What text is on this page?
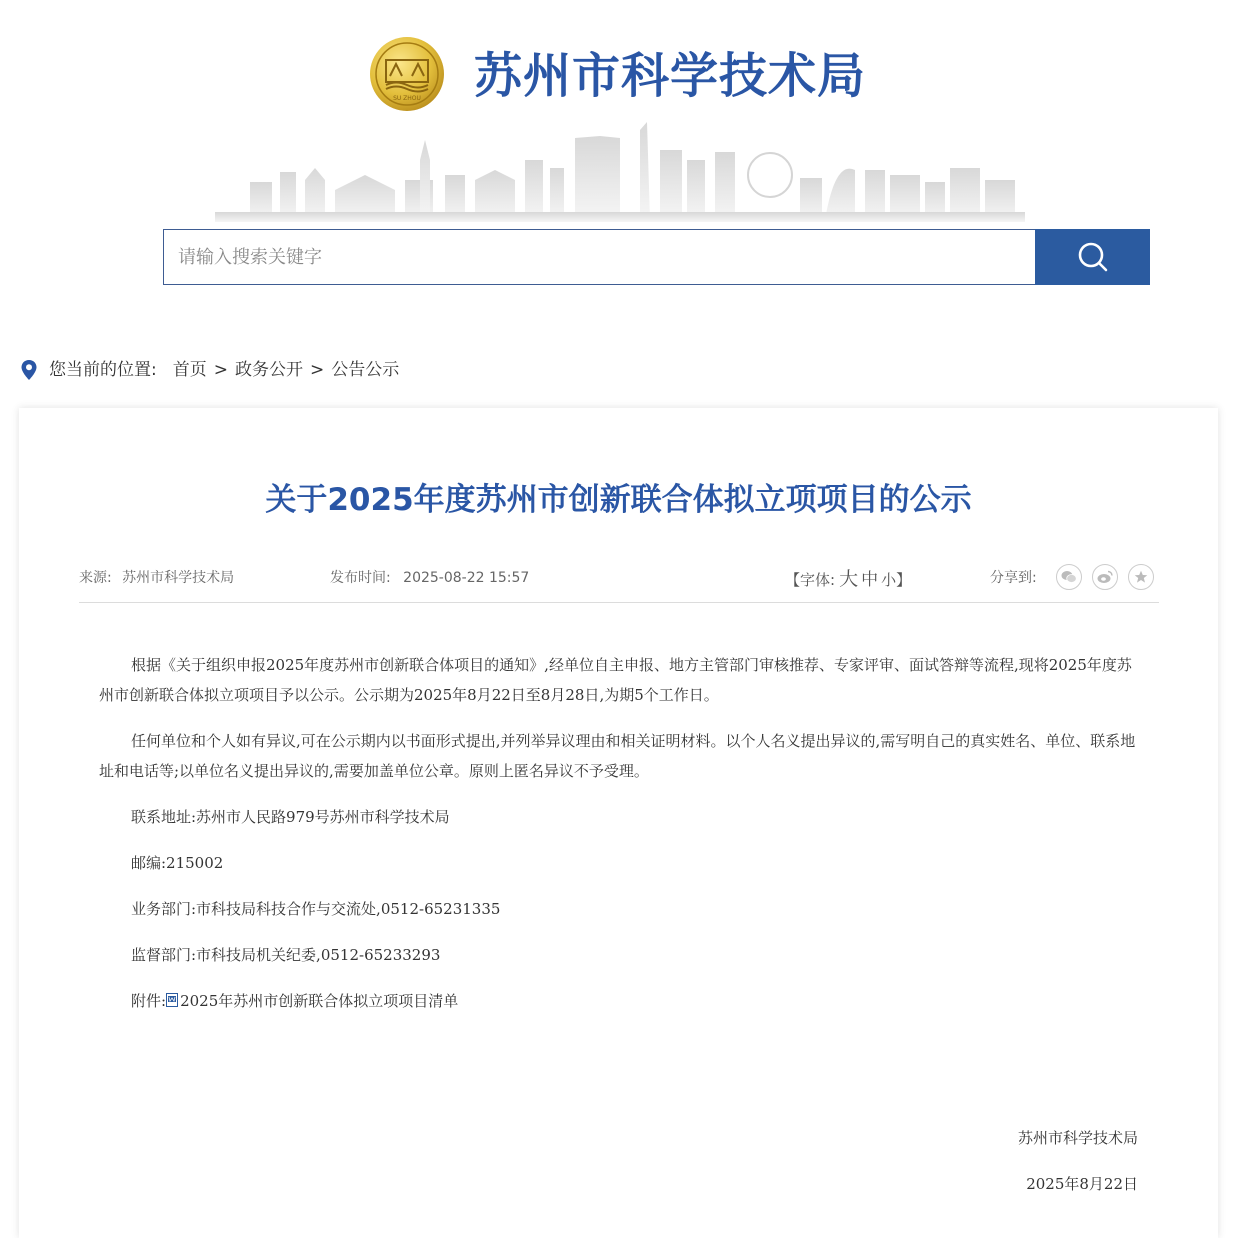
SU ZHOU 苏州市科学技术局
请输入搜索关键字
您当前的位置: 首页 > 政务公开 > 公告公示
关于2025年度苏州市创新联合体拟立项项目的公示
来源: 苏州市科学技术局	发布时间: 2025-08-22 15:57	【字体: 大 中 小】	分享到:

根据《关于组织申报2025年度苏州市创新联合体项目的通知》,经单位自主申报、地方主管部门审核推荐、专家评审、面试答辩等流程,现将2025年度苏州市创新联合体拟立项项目予以公示。公示期为2025年8月22日至8月28日,为期5个工作日。

任何单位和个人如有异议,可在公示期内以书面形式提出,并列举异议理由和相关证明材料。以个人名义提出异议的,需写明自己的真实姓名、单位、联系地址和电话等;以单位名义提出异议的,需要加盖单位公章。原则上匿名异议不予受理。

联系地址:苏州市人民路979号苏州市科学技术局

邮编:215002

业务部门:市科技局科技合作与交流处,0512-65231335

监督部门:市科技局机关纪委,0512-65233293

附件: 2025年苏州市创新联合体拟立项项目清单

苏州市科学技术局
2025年8月22日
